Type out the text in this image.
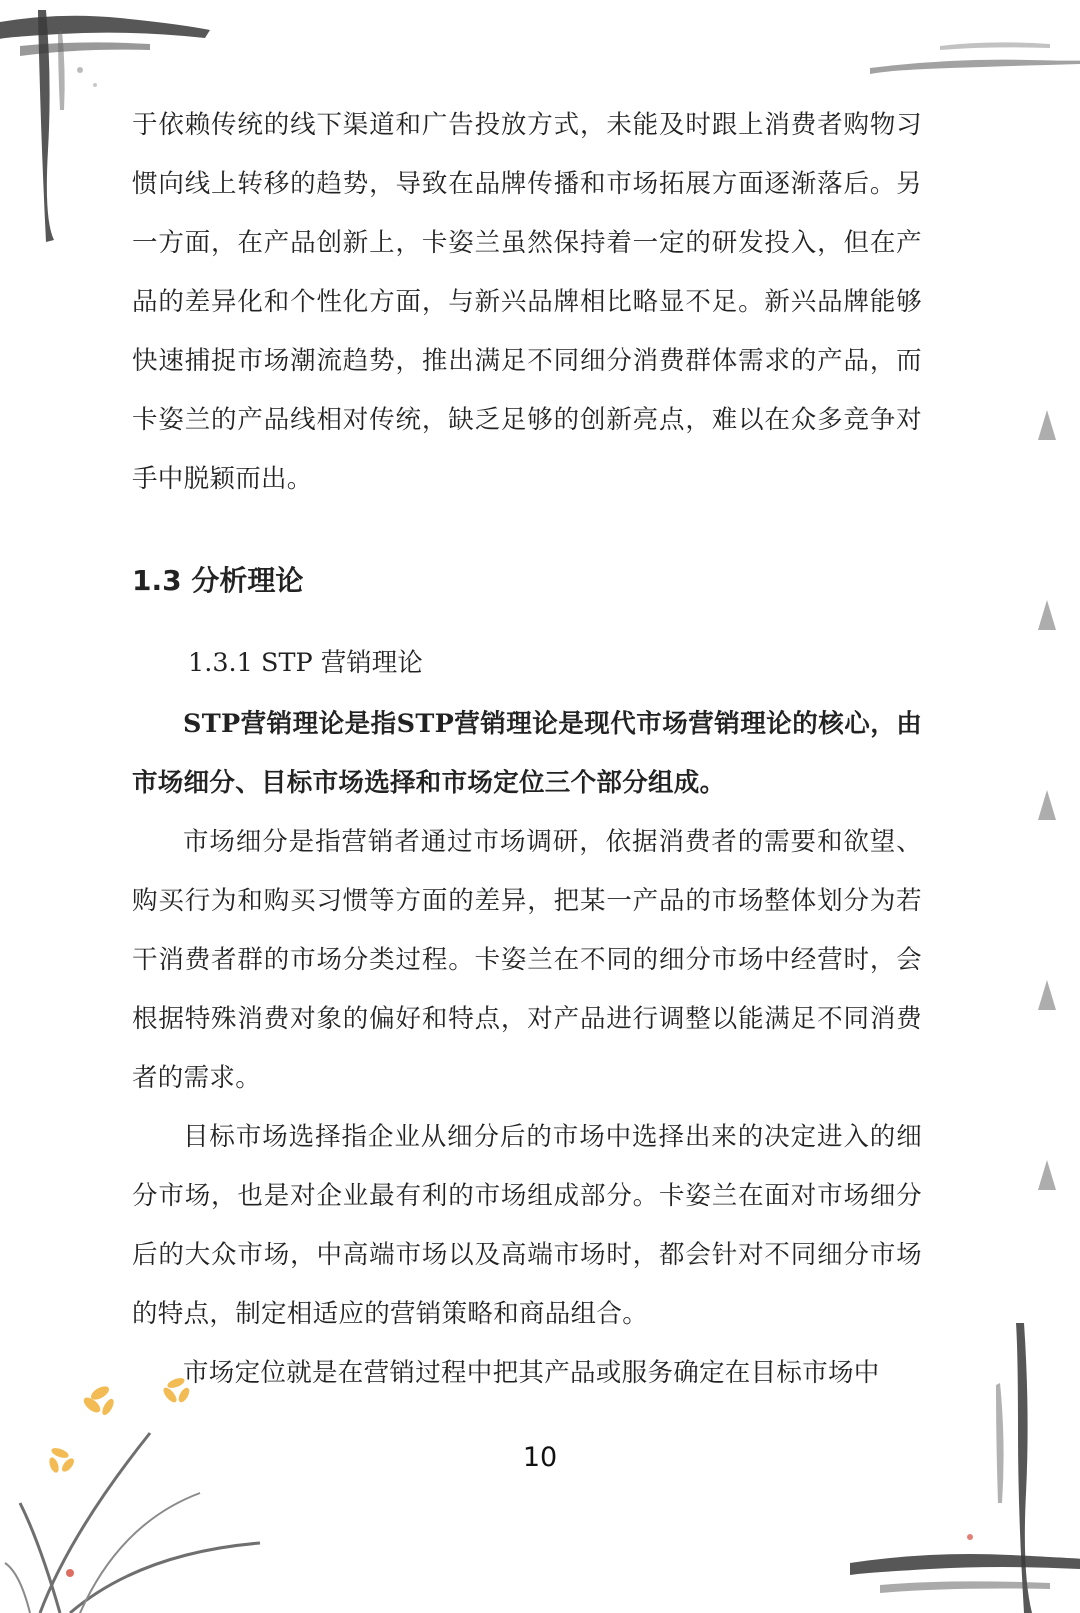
于依赖传统的线下渠道和广告投放方式，未能及时跟上消费者购物习惯向线上转移的趋势，导致在品牌传播和市场拓展方面逐渐落后。另一方面，在产品创新上，卡姿兰虽然保持着一定的研发投入，但在产品的差异化和个性化方面，与新兴品牌相比略显不足。新兴品牌能够快速捕捉市场潮流趋势，推出满足不同细分消费群体需求的产品，而卡姿兰的产品线相对传统，缺乏足够的创新亮点，难以在众多竞争对手中脱颖而出。

1.3 分析理论
1.3.1 STP 营销理论

STP营销理论是指STP营销理论是现代市场营销理论的核心，由市场细分、目标市场选择和市场定位三个部分组成。

市场细分是指营销者通过市场调研，依据消费者的需要和欲望、购买行为和购买习惯等方面的差异，把某一产品的市场整体划分为若干消费者群的市场分类过程。卡姿兰在不同的细分市场中经营时，会根据特殊消费对象的偏好和特点，对产品进行调整以能满足不同消费者的需求。

目标市场选择指企业从细分后的市场中选择出来的决定进入的细分市场，也是对企业最有利的市场组成部分。卡姿兰在面对市场细分后的大众市场，中高端市场以及高端市场时，都会针对不同细分市场的特点，制定相适应的营销策略和商品组合。

市场定位就是在营销过程中把其产品或服务确定在目标市场中

10
